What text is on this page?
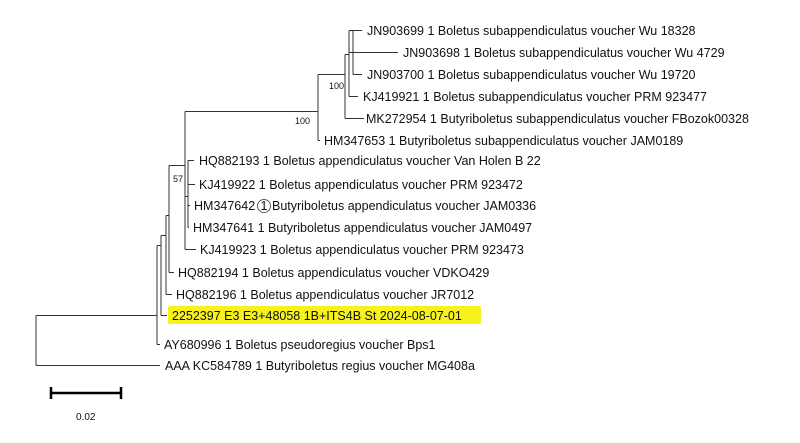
JN903699 1 Boletus subappendiculatus voucher Wu 18328
JN903698 1 Boletus subappendiculatus voucher Wu 4729
JN903700 1 Boletus subappendiculatus voucher Wu 19720
KJ419921 1 Boletus subappendiculatus voucher PRM 923477
MK272954 1 Butyriboletus subappendiculatus voucher FBozok00328
HM347653 1 Butyriboletus subappendiculatus voucher JAM0189
HQ882193 1 Boletus appendiculatus voucher Van Holen B 22
KJ419922 1 Boletus appendiculatus voucher PRM 923472
HM347642 1 Butyriboletus appendiculatus voucher JAM0336
HM347641 1 Butyriboletus appendiculatus voucher JAM0497
KJ419923 1 Boletus appendiculatus voucher PRM 923473
HQ882194 1 Boletus appendiculatus voucher VDKO429
HQ882196 1 Boletus appendiculatus voucher JR7012
2252397 E3 E3+48058 1B+ITS4B St 2024-08-07-01
AY680996 1 Boletus pseudoregius voucher Bps1
AAA KC584789 1 Butyriboletus regius voucher MG408a
100
100
57
0.02
